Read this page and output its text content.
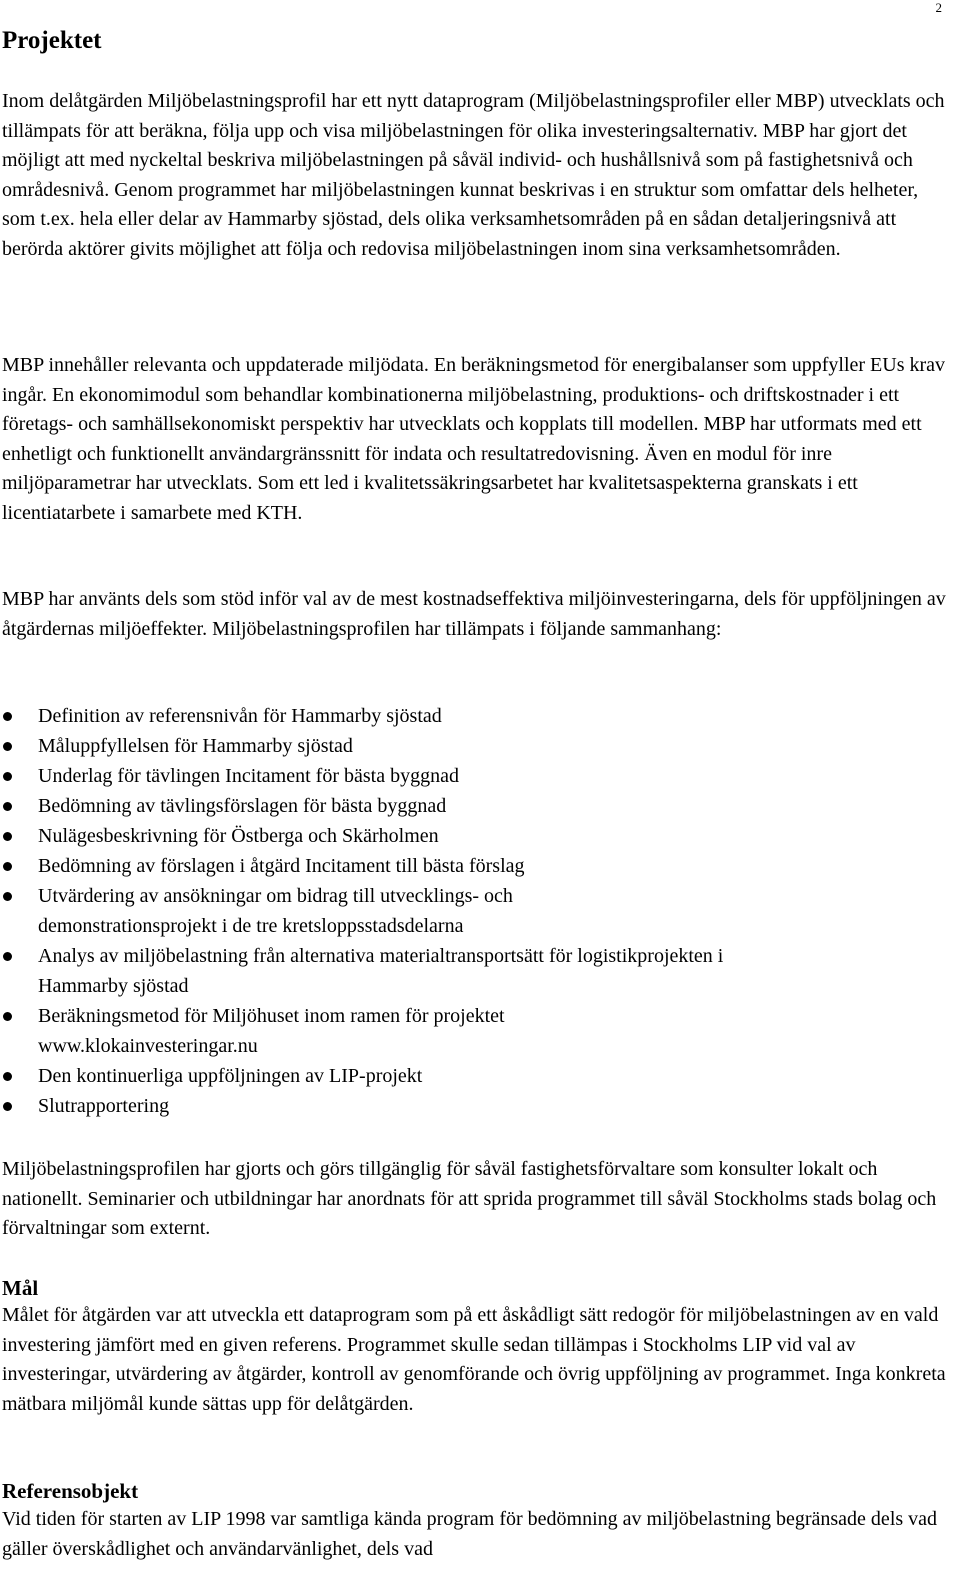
2
Projektet

Inom delåtgärden Miljöbelastningsprofil har ett nytt dataprogram (Miljöbelastningsprofiler eller MBP) utvecklats och tillämpats för att beräkna, följa upp och visa miljöbelastningen för olika investeringsalternativ. MBP har gjort det möjligt att med nyckeltal beskriva miljöbelastningen på såväl individ- och hushållsnivå som på fastighetsnivå och områdesnivå. Genom programmet har miljöbelastningen kunnat beskrivas i en struktur som omfattar dels helheter, som t.ex. hela eller delar av Hammarby sjöstad, dels olika verksamhetsområden på en sådan detaljeringsnivå att berörda aktörer givits möjlighet att följa och redovisa miljöbelastningen inom sina verksamhetsområden.

MBP innehåller relevanta och uppdaterade miljödata. En beräkningsmetod för energibalanser som uppfyller EUs krav ingår. En ekonomimodul som behandlar kombinationerna miljöbelastning, produktions- och driftskostnader i ett företags- och samhällsekonomiskt perspektiv har utvecklats och kopplats till modellen. MBP har utformats med ett enhetligt och funktionellt användargränssnitt för indata och resultatredovisning. Även en modul för inre miljöparametrar har utvecklats. Som ett led i kvalitetssäkringsarbetet har kvalitetsaspekterna granskats i ett licentiatarbete i samarbete med KTH.

MBP har använts dels som stöd inför val av de mest kostnadseffektiva miljöinvesteringarna, dels för uppföljningen av åtgärdernas miljöeffekter. Miljöbelastningsprofilen har tillämpats i följande sammanhang:

Definition av referensnivån för Hammarby sjöstad
Måluppfyllelsen för Hammarby sjöstad
Underlag för tävlingen Incitament för bästa byggnad
Bedömning av tävlingsförslagen för bästa byggnad
Nulägesbeskrivning för Östberga och Skärholmen
Bedömning av förslagen i åtgärd Incitament till bästa förslag
Utvärdering av ansökningar om bidrag till utvecklings- och demonstrationsprojekt i de tre kretsloppsstadsdelarna
Analys av miljöbelastning från alternativa materialtransportsätt för logistikprojekten i Hammarby sjöstad
Beräkningsmetod för Miljöhuset inom ramen för projektet www.klokainvesteringar.nu
Den kontinuerliga uppföljningen av LIP-projekt
Slutrapportering

Miljöbelastningsprofilen har gjorts och görs tillgänglig för såväl fastighetsförvaltare som konsulter lokalt och nationellt. Seminarier och utbildningar har anordnats för att sprida programmet till såväl Stockholms stads bolag och förvaltningar som externt.

Mål

Målet för åtgärden var att utveckla ett dataprogram som på ett åskådligt sätt redogör för miljöbelastningen av en vald investering jämfört med en given referens. Programmet skulle sedan tillämpas i Stockholms LIP vid val av investeringar, utvärdering av åtgärder, kontroll av genomförande och övrig uppföljning av programmet. Inga konkreta mätbara miljömål kunde sättas upp för delåtgärden.

Referensobjekt

Vid tiden för starten av LIP 1998 var samtliga kända program för bedömning av miljöbelastning begränsade dels vad gäller överskådlighet och användarvänlighet, dels vad
